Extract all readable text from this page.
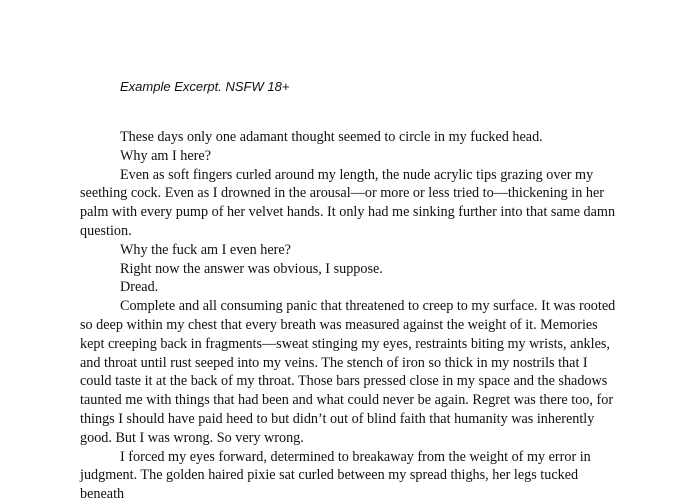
Example Excerpt. NSFW 18+

These days only one adamant thought seemed to circle in my fucked head.

Why am I here?

Even as soft fingers curled around my length, the nude acrylic tips grazing over my seething cock. Even as I drowned in the arousal—or more or less tried to—thickening in her palm with every pump of her velvet hands. It only had me sinking further into that same damn question.

Why the fuck am I even here?

Right now the answer was obvious, I suppose.

Dread.

Complete and all consuming panic that threatened to creep to my surface. It was rooted so deep within my chest that every breath was measured against the weight of it. Memories kept creeping back in fragments—sweat stinging my eyes, restraints biting my wrists, ankles, and throat until rust seeped into my veins. The stench of iron so thick in my nostrils that I could taste it at the back of my throat. Those bars pressed close in my space and the shadows taunted me with things that had been and what could never be again. Regret was there too, for things I should have paid heed to but didn’t out of blind faith that humanity was inherently good. But I was wrong. So very wrong.

I forced my eyes forward, determined to breakaway from the weight of my error in judgment. The golden haired pixie sat curled between my spread thighs, her legs tucked beneath
